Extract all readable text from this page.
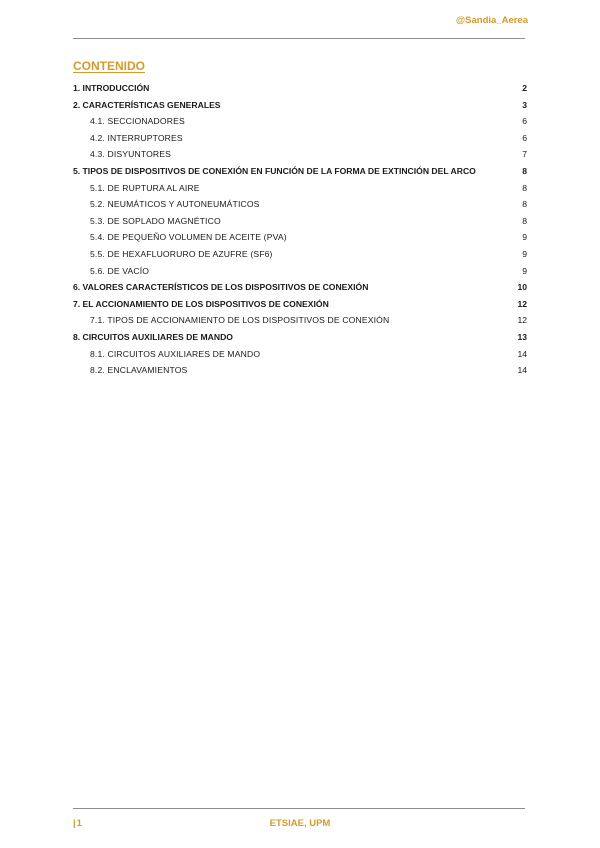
@Sandia_Aerea
CONTENIDO
1. INTRODUCCIÓN	2
2. CARACTERÍSTICAS GENERALES	3
4.1. SECCIONADORES	6
4.2. INTERRUPTORES	6
4.3. DISYUNTORES	7
5. TIPOS DE DISPOSITIVOS DE CONEXIÓN EN FUNCIÓN DE LA FORMA DE EXTINCIÓN DEL ARCO	8
5.1. DE RUPTURA AL AIRE	8
5.2. NEUMÁTICOS Y AUTONEUMÁTICOS	8
5.3. DE SOPLADO MAGNÉTICO	8
5.4. DE PEQUEÑO VOLUMEN DE ACEITE (PVA)	9
5.5. DE HEXAFLUORURO DE AZUFRE (SF6)	9
5.6. DE VACÍO	9
6. VALORES CARACTERÍSTICOS DE LOS DISPOSITIVOS DE CONEXIÓN	10
7. EL ACCIONAMIENTO DE LOS DISPOSITIVOS DE CONEXIÓN	12
7.1. TIPOS DE ACCIONAMIENTO DE LOS DISPOSITIVOS DE CONEXIÓN	12
8. CIRCUITOS AUXILIARES DE MANDO	13
8.1. CIRCUITOS AUXILIARES DE MANDO	14
8.2. ENCLAVAMIENTOS	14
|1	ETSIAE, UPM
